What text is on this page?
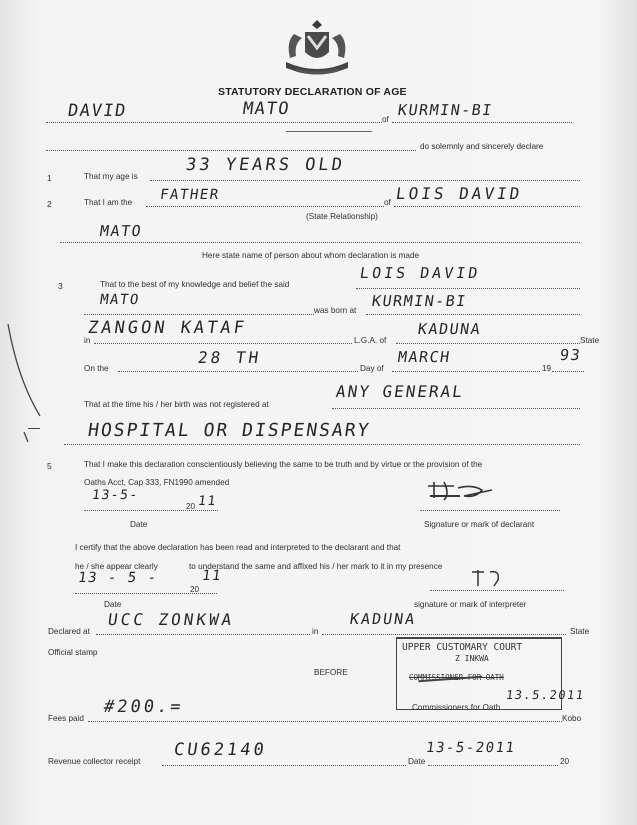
STATUTORY DECLARATION OF AGE
DAVID	MATO	KURMIN-BI
of
do solemnly and sincerely declare
1	That my age is
33 YEARS OLD
2	That I am the FATHER	of LOIS DAVID
(State Relationship)
MATO
Here state name of person about whom declaration is made
3	That to the best of my knowledge and belief the said
LOIS DAVID
MATO
was born at
KURMIN-BI
in
ZANGON KATAF
L.G.A. of
KADUNA
State
On the
28 TH
Day of
MARCH
19
93
That at the time his / her birth was not registered at
ANY GENERAL
HOSPITAL OR DISPENSARY
5	That I make this declaration conscientiously believing the same to be truth and by virtue or the provision of the
Oaths Acct, Cap 333, FN1990 amended
13-5-
20 11
Date	Signature or mark of declarant
I certify that the above declaration has been read and interpreted to the declarant and that
he / she appear clearly	to understand the same and affixed his / her mark to it in my presence
13 - 5 -
20
11
Date	signature or mark of interpreter
Declared at
UCC ZONKWA
in
KADUNA
State
Official stamp
BEFORE
UPPER CUSTOMARY COURT
Z INKWA
COMMISSIONER FOR OATH
13.5.2011
Commissioners for Oath
Fees paid
#200.=
Kobo
Revenue collector receipt
CU62140
Date
13-5-2011
20
